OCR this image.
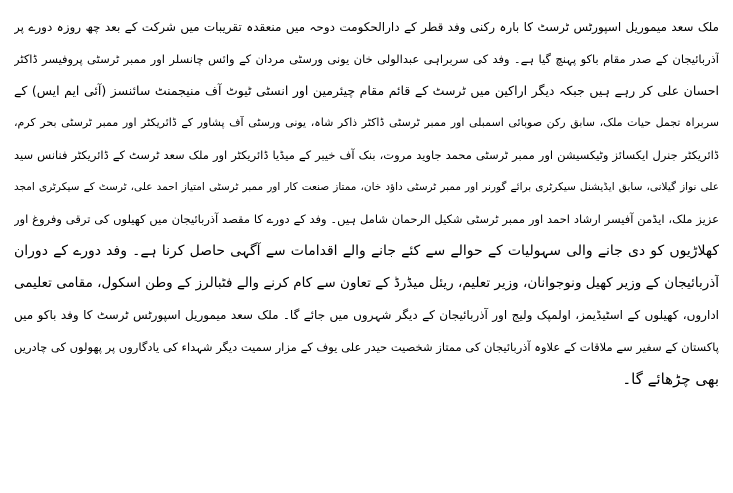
ملک سعد میموریل اسپورٹس ٹرسٹ کا بارہ رکنی وفد قطر کے دارالحکومت دوحہ میں منعقدہ تقریبات میں شرکت کے بعد چھ روزہ دورے پر
آذربائیجان کے صدر مقام باکو پہنچ گیا ہے۔ وفد کی سربراہی عبدالولی خان یونی ورسٹی مردان کے وائس چانسلر اور ممبر ٹرسٹی پروفیسر ڈاکٹر
احسان علی کر رہے ہیں جبکہ دیگر اراکین میں ٹرسٹ کے قائم مقام چیئرمین اور انسٹی ٹیوٹ آف منیجمنٹ سائنسز (آئی ایم ایس) کے
سربراہ تجمل حیات ملک، سابق رکن صوبائی اسمبلی اور ممبر ٹرسٹی ڈاکٹر ذاکر شاہ، یونی ورسٹی آف پشاور کے ڈائریکٹر اور ممبر ٹرسٹی بحر کرم،
ڈائریکٹر جنرل ایکسائز وٹیکسیشن اور ممبر ٹرسٹی محمد جاوید مروت، بنک آف خیبر کے میڈیا ڈائریکٹر اور ملک سعد ٹرسٹ کے ڈائریکٹر فنانس سید
علی نواز گیلانی، سابق ایڈیشنل سیکرٹری برائے گورنر اور ممبر ٹرسٹی داؤد خان، ممتاز صنعت کار اور ممبر ٹرسٹی امتیاز احمد علی، ٹرسٹ کے سیکرٹری امجد
عزیز ملک، ایڈمن آفیسر ارشاد احمد اور ممبر ٹرسٹی شکیل الرحمان شامل ہیں۔ وفد کے دورے کا مقصد آذربائیجان میں کھیلوں کی ترقی وفروغ اور
کھلاڑیوں کو دی جانے والی سہولیات کے حوالے سے کئے جانے والے اقدامات سے آگہی حاصل کرنا ہے۔ وفد دورے کے دوران
آذربائیجان کے وزیر کھیل ونوجوانان، وزیر تعلیم، ریئل میڈرڈ کے تعاون سے کام کرنے والے فٹبالرز کے وطن اسکول، مقامی تعلیمی
اداروں، کھیلوں کے اسٹیڈیمز، اولمپک ولیج اور آذربائیجان کے دیگر شہروں میں جائے گا۔ ملک سعد میموریل اسپورٹس ٹرسٹ کا وفد باکو میں
پاکستان کے سفیر سے ملاقات کے علاوہ آذربائیجان کی ممتاز شخصیت حیدر علی یوف کے مزار سمیت دیگر شہداء کی یادگاروں پر پھولوں کی چادریں
بھی چڑھائے گا۔
